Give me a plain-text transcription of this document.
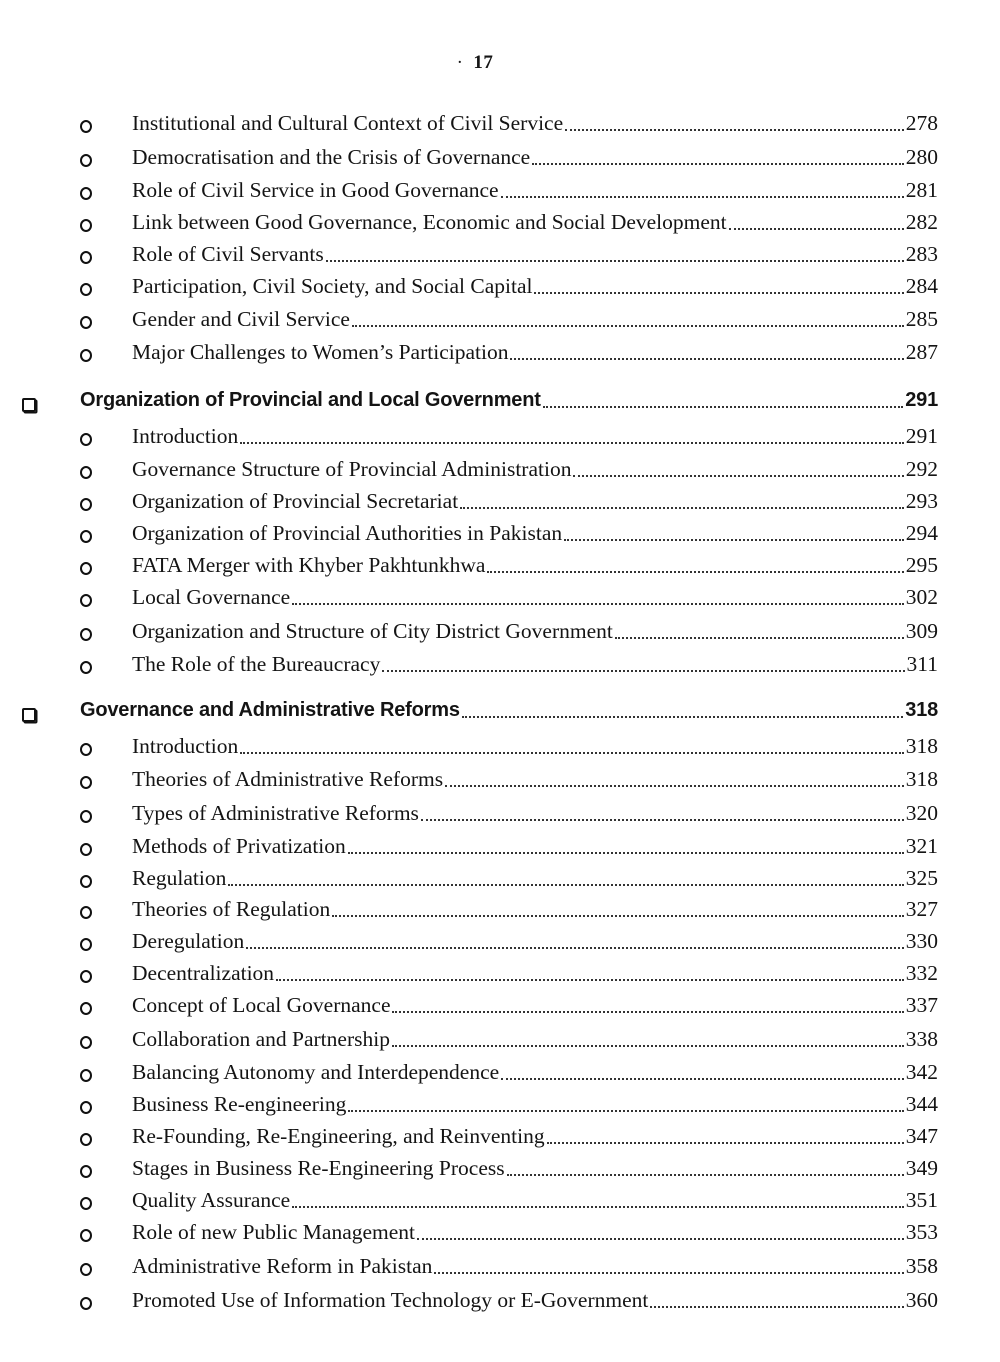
· 17
Institutional and Cultural Context of Civil Service	278
Democratisation and the Crisis of Governance	280
Role of Civil Service in Good Governance	281
Link between Good Governance, Economic and Social Development	282
Role of Civil Servants	283
Participation, Civil Society, and Social Capital	284
Gender and Civil Service	285
Major Challenges to Women’s Participation	287
Organization of Provincial and Local Government	291
Introduction	291
Governance Structure of Provincial Administration	292
Organization of Provincial Secretariat	293
Organization of Provincial Authorities in Pakistan	294
FATA Merger with Khyber Pakhtunkhwa	295
Local Governance	302
Organization and Structure of City District Government	309
The Role of the Bureaucracy	311
Governance and Administrative Reforms	318
Introduction	318
Theories of Administrative Reforms	318
Types of Administrative Reforms	320
Methods of Privatization	321
Regulation	325
Theories of Regulation	327
Deregulation	330
Decentralization	332
Concept of Local Governance	337
Collaboration and Partnership	338
Balancing Autonomy and Interdependence	342
Business Re-engineering	344
Re-Founding, Re-Engineering, and Reinventing	347
Stages in Business Re-Engineering Process	349
Quality Assurance	351
Role of new Public Management	353
Administrative Reform in Pakistan	358
Promoted Use of Information Technology or E-Government	360
